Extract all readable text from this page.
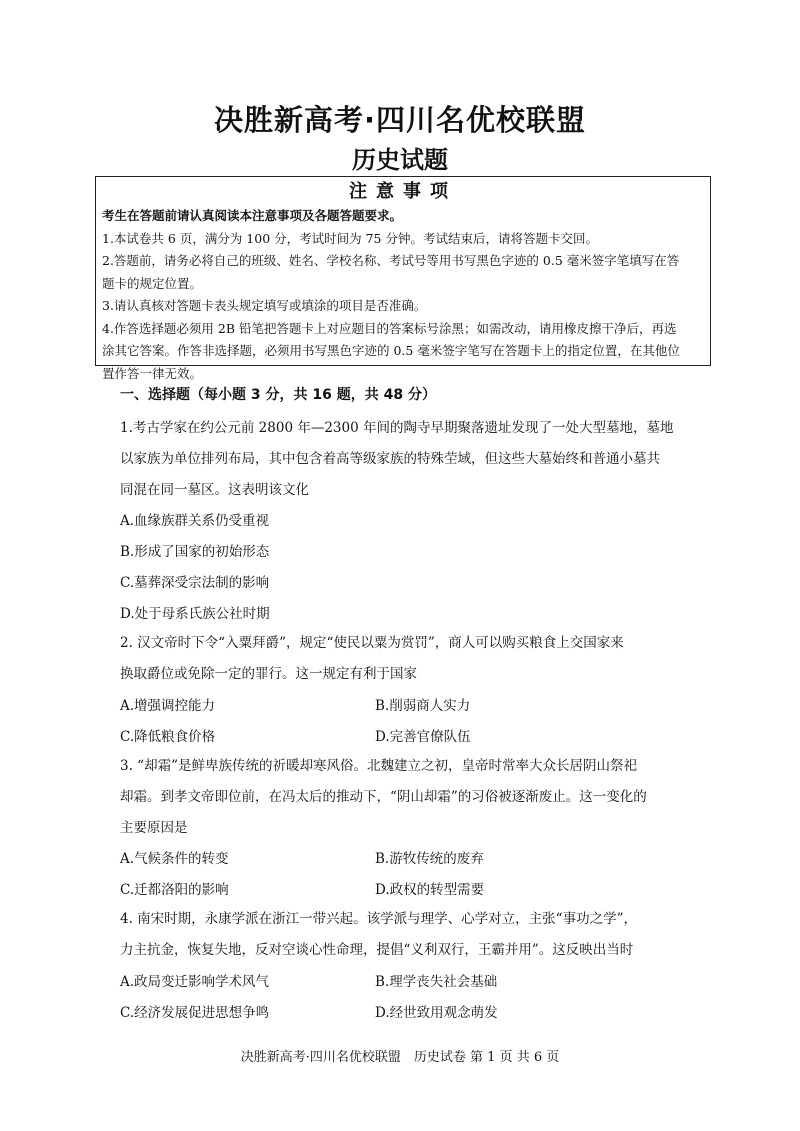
决胜新高考·四川名优校联盟
历史试题
注意事项

考生在答题前请认真阅读本注意事项及各题答题要求。

1.本试卷共 6 页，满分为 100 分，考试时间为 75 分钟。考试结束后，请将答题卡交回。

2.答题前，请务必将自己的班级、姓名、学校名称、考试号等用书写黑色字迹的 0.5 毫米签字笔填写在答

题卡的规定位置。

3.请认真核对答题卡表头规定填写或填涂的项目是否准确。

4.作答选择题必须用 2B 铅笔把答题卡上对应题目的答案标号涂黑；如需改动，请用橡皮擦干净后，再选

涂其它答案。作答非选择题，必须用书写黑色字迹的 0.5 毫米签字笔写在答题卡上的指定位置，在其他位

置作答一律无效。

一、选择题（每小题 3 分，共 16 题，共 48 分）

1.考古学家在约公元前 2800 年—2300 年间的陶寺早期聚落遗址发现了一处大型墓地，墓地

以家族为单位排列布局，其中包含着高等级家族的特殊茔域，但这些大墓始终和普通小墓共

同混在同一墓区。这表明该文化

A.血缘族群关系仍受重视

B.形成了国家的初始形态

C.墓葬深受宗法制的影响

D.处于母系氏族公社时期

2. 汉文帝时下令“入粟拜爵”，规定“使民以粟为赏罚”，商人可以购买粮食上交国家来

换取爵位或免除一定的罪行。这一规定有利于国家

A.增强调控能力	B.削弱商人实力

C.降低粮食价格	D.完善官僚队伍

3. “却霜”是鲜卑族传统的祈暖却寒风俗。北魏建立之初，皇帝时常率大众长居阴山祭祀

却霜。到孝文帝即位前，在冯太后的推动下，“阴山却霜”的习俗被逐渐废止。这一变化的

主要原因是

A.气候条件的转变	B.游牧传统的废弃

C.迁都洛阳的影响	D.政权的转型需要

4. 南宋时期，永康学派在浙江一带兴起。该学派与理学、心学对立，主张“事功之学”，

力主抗金，恢复失地，反对空谈心性命理，提倡“义利双行，王霸并用”。这反映出当时

A.政局变迁影响学术风气	B.理学丧失社会基础

C.经济发展促进思想争鸣	D.经世致用观念萌发

决胜新高考·四川名优校联盟　历史试卷 第 1 页 共 6 页
